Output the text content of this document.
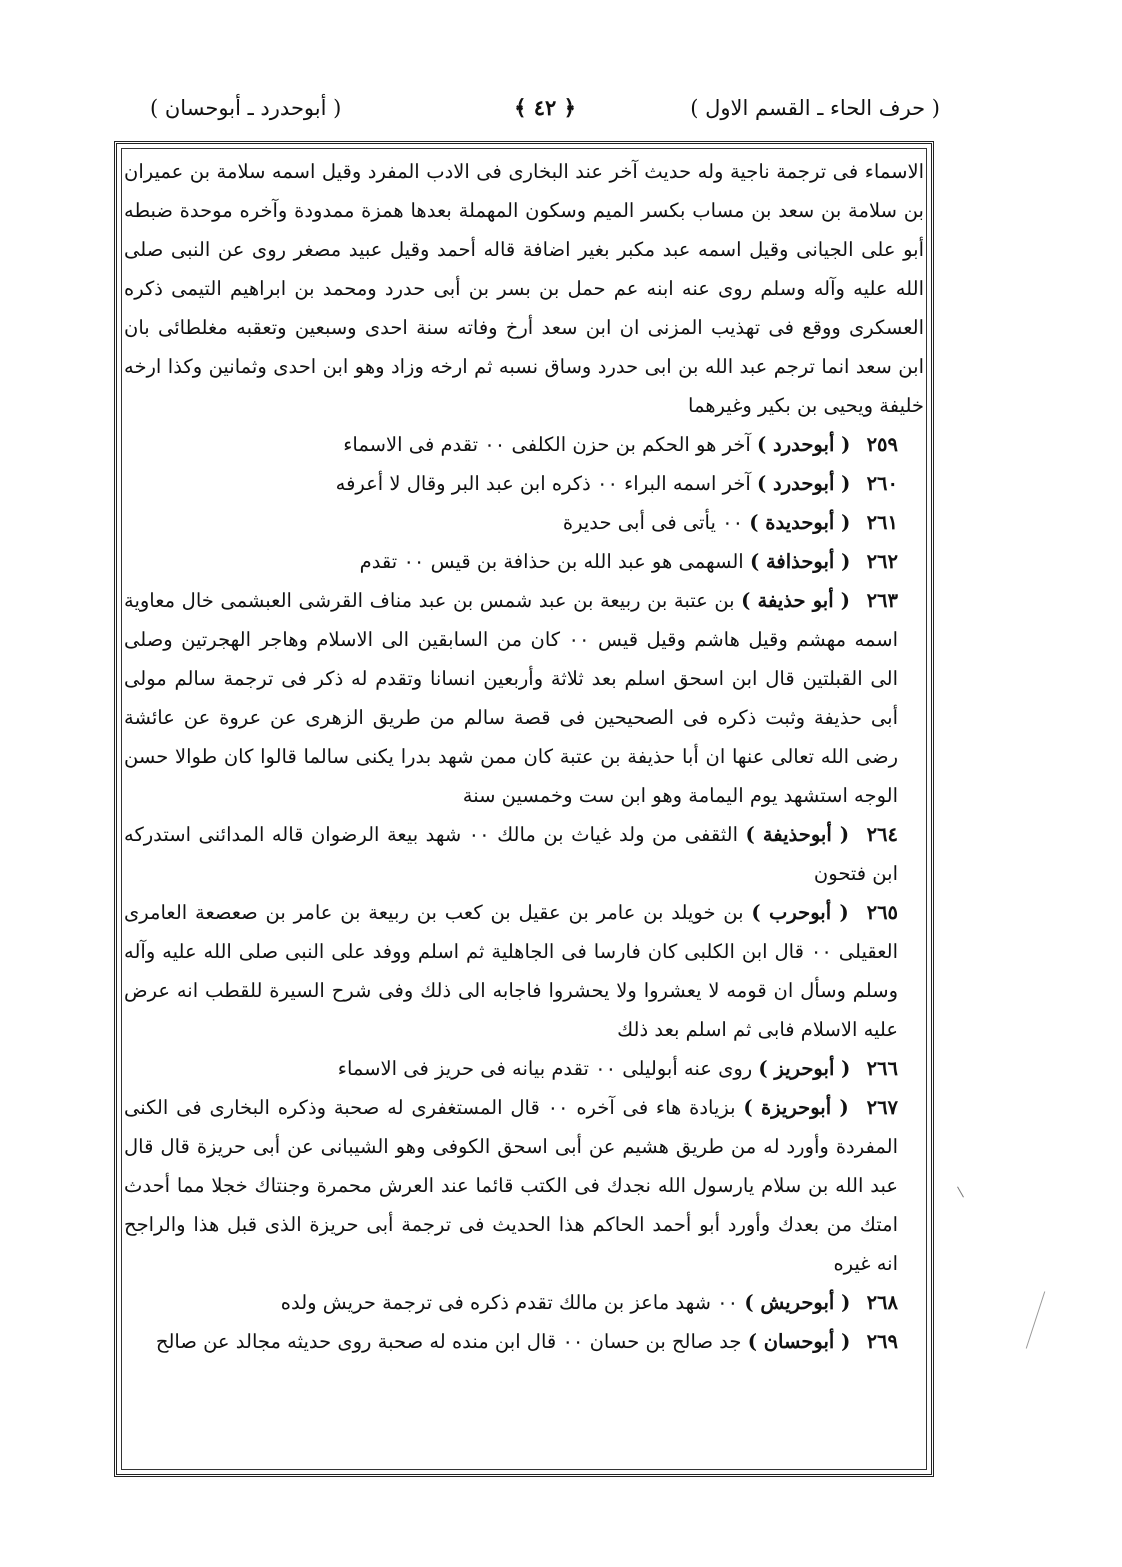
( حرف الحاء ـ القسم الاول )
﴿ ٤٢ ﴾
( أبوحدرد ـ أبوحسان )

الاسماء فى ترجمة ناجية وله حديث آخر عند البخارى فى الادب المفرد وقيل اسمه سلامة بن عميران بن سلامة بن سعد بن مساب بكسر الميم وسكون المهملة بعدها همزة ممدودة وآخره موحدة ضبطه أبو على الجيانى وقيل اسمه عبد مكبر بغير اضافة قاله أحمد وقيل عبيد مصغر روى عن النبى صلى الله عليه وآله وسلم روى عنه ابنه عم حمل بن بسر بن أبى حدرد ومحمد بن ابراهيم التيمى ذكره العسكرى ووقع فى تهذيب المزنى ان ابن سعد أرخ وفاته سنة احدى وسبعين وتعقبه مغلطائى بان ابن سعد انما ترجم عبد الله بن ابى حدرد وساق نسبه ثم ارخه وزاد وهو ابن احدى وثمانين وكذا ارخه خليفة ويحيى بن بكير وغيرهما

٢٥٩ ( أبوحدرد ) آخر هو الحكم بن حزن الكلفى ٠٠ تقدم فى الاسماء

٢٦٠ ( أبوحدرد ) آخر اسمه البراء ٠٠ ذكره ابن عبد البر وقال لا أعرفه

٢٦١ ( أبوحديدة ) ٠٠ يأتى فى أبى حديرة

٢٦٢ ( أبوحذافة ) السهمى هو عبد الله بن حذافة بن قيس ٠٠ تقدم

٢٦٣ ( أبو حذيفة ) بن عتبة بن ربيعة بن عبد شمس بن عبد مناف القرشى العبشمى خال معاوية اسمه مهشم وقيل هاشم وقيل قيس ٠٠ كان من السابقين الى الاسلام وهاجر الهجرتين وصلى الى القبلتين قال ابن اسحق اسلم بعد ثلاثة وأربعين انسانا وتقدم له ذكر فى ترجمة سالم مولى أبى حذيفة وثبت ذكره فى الصحيحين فى قصة سالم من طريق الزهرى عن عروة عن عائشة رضى الله تعالى عنها ان أبا حذيفة بن عتبة كان ممن شهد بدرا يكنى سالما قالوا كان طوالا حسن الوجه استشهد يوم اليمامة وهو ابن ست وخمسين سنة

٢٦٤ ( أبوحذيفة ) الثقفى من ولد غياث بن مالك ٠٠ شهد بيعة الرضوان قاله المدائنى استدركه ابن فتحون

٢٦٥ ( أبوحرب ) بن خويلد بن عامر بن عقيل بن كعب بن ربيعة بن عامر بن صعصعة العامرى العقيلى ٠٠ قال ابن الكلبى كان فارسا فى الجاهلية ثم اسلم ووفد على النبى صلى الله عليه وآله وسلم وسأل ان قومه لا يعشروا ولا يحشروا فاجابه الى ذلك وفى شرح السيرة للقطب انه عرض عليه الاسلام فابى ثم اسلم بعد ذلك

٢٦٦ ( أبوحريز ) روى عنه أبوليلى ٠٠ تقدم بيانه فى حريز فى الاسماء

٢٦٧ ( أبوحريزة ) بزيادة هاء فى آخره ٠٠ قال المستغفرى له صحبة وذكره البخارى فى الكنى المفردة وأورد له من طريق هشيم عن أبى اسحق الكوفى وهو الشيبانى عن أبى حريزة قال قال عبد الله بن سلام يارسول الله نجدك فى الكتب قائما عند العرش محمرة وجنتاك خجلا مما أحدث امتك من بعدك وأورد أبو أحمد الحاكم هذا الحديث فى ترجمة أبى حريزة الذى قبل هذا والراجح انه غيره

٢٦٨ ( أبوحريش ) ٠٠ شهد ماعز بن مالك تقدم ذكره فى ترجمة حريش ولده

٢٦٩ ( أبوحسان ) جد صالح بن حسان ٠٠ قال ابن منده له صحبة روى حديثه مجالد عن صالح
